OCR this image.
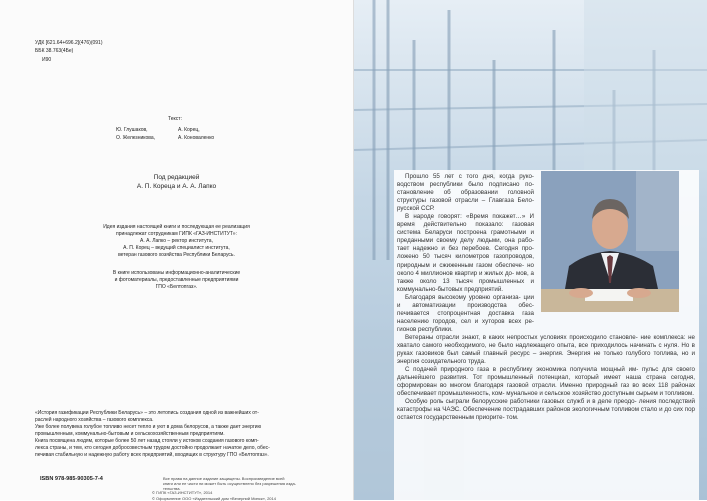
УДК [621.64+696.2](476)(091)
ББК 38.763(4Бе)
И90
Текст:
Ю. Глушаков,
О. Железникова,
А. Корец,
А. Коноваленко
Под редакцией
А. П. Кореца и А. А. Лапко
Идея издания настоящей книги и последующая ее реализация
принадлежат сотрудникам ГИПК «ГАЗ-ИНСТИТУТ»:
А. А. Лапко – ректор института,
А. П. Корец – ведущий специалист института,
ветеран газового хозяйства Республики Беларусь.
В книге использованы информационно-аналитические
и фотоматериалы, предоставленные предприятиями
ГПО «Белтопгаз».
«История газификации Республики Беларусь» – это летопись создания одной из важнейших от-
раслей народного хозяйства – газового комплекса.
Уже более полувека голубое топливо несет тепло и уют в дома белорусов, а также дает энергию
промышленным, коммунально-бытовым и сельскохозяйственным предприятиям.
Книга посвящена людям, которые более 50 лет назад стояли у истоков создания газового комп-
лекса страны, и тем, кто сегодня добросовестным трудом достойно продолжает начатое дело, обес-
печивая стабильную и надежную работу всех предприятий, входящих в структуру ГПО «Белтопгаз».
Все права на данное издание защищены. Воспроизведение всей
книги или ее части ни может быть осуществлено без разрешения изда-
тельства.
ISBN 978-985-90305-7-4
© ГИПК «ГАЗ-ИНСТИТУТ», 2014
© Оформление ООО «Издательский дом «Вечерний Минск», 2014

Прошло 55 лет с того дня, когда руко- водством республики было подписано по- становление об образовании головной структуры газовой отрасли – Главгаза Бело- русской ССР.

В народе говорят: «Время покажет…» И время действительно показало: газовая система Беларуси построена грамотными и преданными своему делу людьми, она рабо- тает надежно и без перебоев. Сегодня про- ложено 50 тысяч километров газопроводов, природным и сжиженным газом обеспече- но около 4 миллионов квартир и жилых до- мов, а также около 13 тысяч промышленных и коммунально-бытовых предприятий.

Благодаря высокому уровню организа- ции и автоматизации производства обес- печивается стопроцентная доставка газа населению городов, сел и хуторов всех ре- гионов республики.

Ветераны отрасли знают, в каких непростых условиях происходило становле- ние комплекса: не хватало самого необходимого, не было надлежащего опыта, все приходилось начинать с нуля. Но в руках газовиков был самый главный ресурс – энергия. Энергия не только голубого топлива, но и энергия созидательного труда.

С подачей природного газа в республику экономика получила мощный им- пульс для своего дальнейшего развития. Тот промышленный потенциал, который имеет наша страна сегодня, сформирован во многом благодаря газовой отрасли. Именно природный газ во всех 118 районах обеспечивает промышленность, ком- мунальное и сельское хозяйство доступным сырьем и топливом.

Особую роль сыграли белорусские работники газовых служб и в деле преодо- ления последствий катастрофы на ЧАЭС. Обеспечение пострадавших районов экологичным топливом стало и до сих пор остается государственным приорите- том.
